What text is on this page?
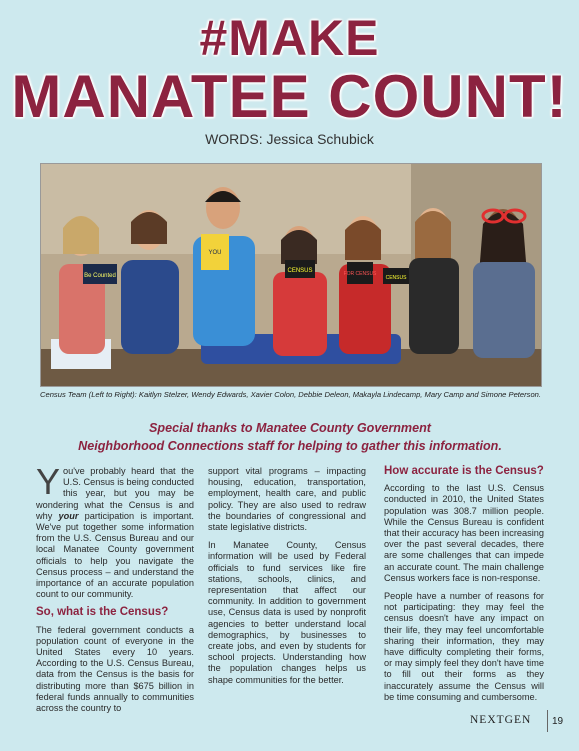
#MAKE
MANATEE COUNT!
WORDS: Jessica Schubick
Be Counted
YOU
CENSUS	FOR CENSUS
CENSUS
Census Team (Left to Right): Kaitlyn Stelzer, Wendy Edwards, Xavier Colon, Debbie Deleon, Makayla Lindecamp, Mary Camp and Simone Peterson.
Special thanks to Manatee County Government
Neighborhood Connections staff for helping to gather this information.

You've probably heard that the U.S. Census is being conducted this year, but you may be wondering what the Census is and why your participation is important. We've put together some information from the U.S. Census Bureau and our local Manatee County government officials to help you navigate the Census process – and understand the importance of an accurate population count to our community.

So, what is the Census?

The federal government conducts a population count of everyone in the United States every 10 years. According to the U.S. Census Bureau, data from the Census is the basis for distributing more than $675 billion in federal funds annually to communities across the country to

support vital programs – impacting housing, education, transportation, employment, health care, and public policy. They are also used to redraw the boundaries of congressional and state legislative districts.

In Manatee County, Census information will be used by Federal officials to fund services like fire stations, schools, clinics, and representation that affect our community. In addition to government use, Census data is used by nonprofit agencies to better understand local demographics, by businesses to create jobs, and even by students for school projects. Understanding how the population changes helps us shape communities for the better.

How accurate is the Census?

According to the last U.S. Census conducted in 2010, the United States population was 308.7 million people. While the Census Bureau is confident that their accuracy has been increasing over the past several decades, there are some challenges that can impede an accurate count. The main challenge Census workers face is non-response.

People have a number of reasons for not participating: they may feel the census doesn't have any impact on their life, they may feel uncomfortable sharing their information, they may have difficulty completing their forms, or may simply feel they don't have time to fill out their forms as they inaccurately assume the Census will be time consuming and cumbersome.

NEXTGEN 19
